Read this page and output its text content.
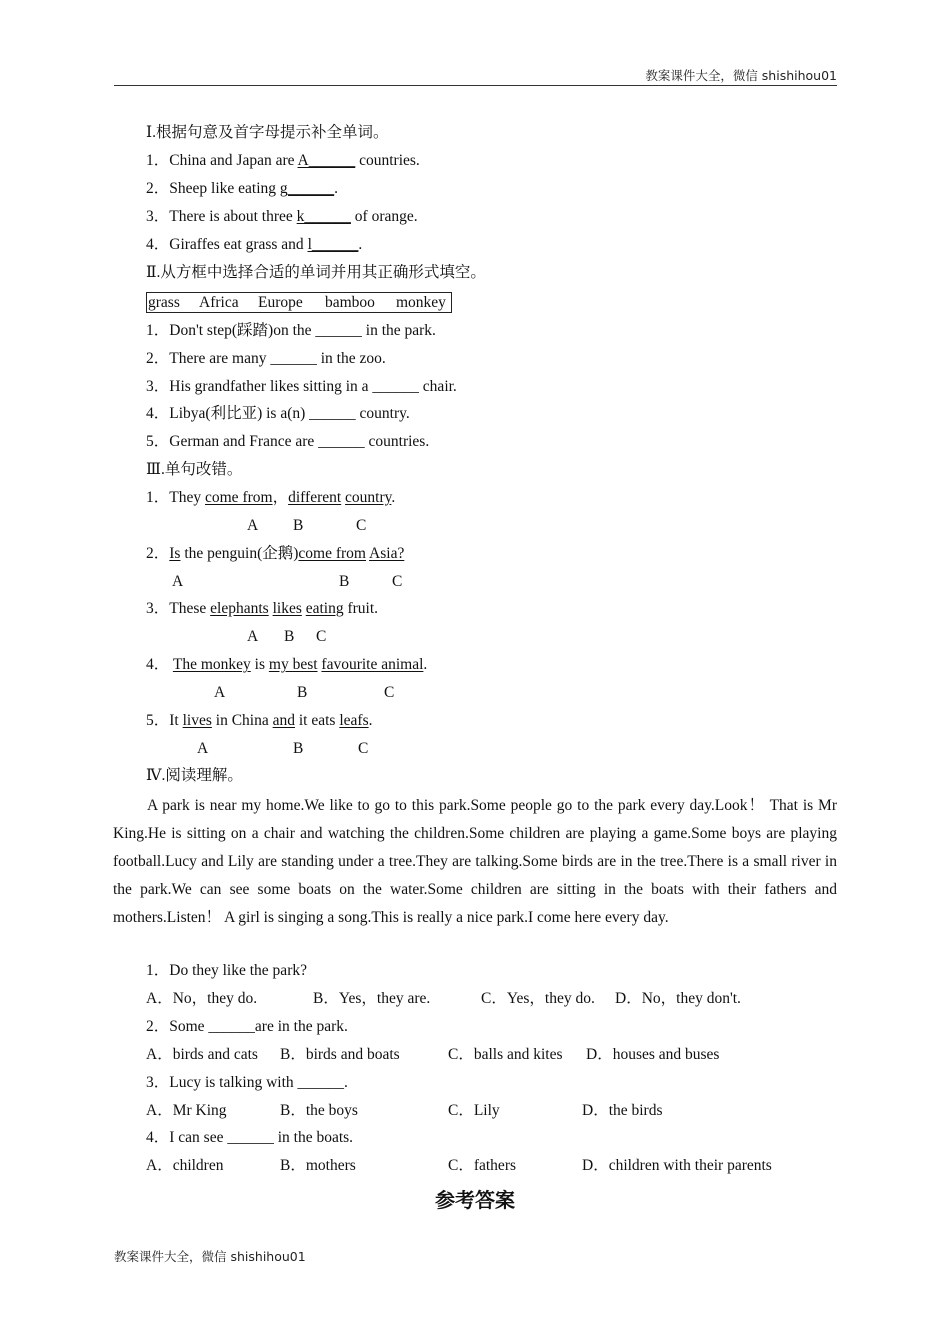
教案课件大全，微信 shishihou01
Ⅰ.根据句意及首字母提示补全单词。
1．China and Japan are A______ countries.
2．Sheep like eating g______.
3．There is about three k______ of orange.
4．Giraffes eat grass and l______.
Ⅱ.从方框中选择合适的单词并用其正确形式填空。
grass Africa Europe bamboo monkey
1．Don't step(踩踏)on the ______ in the park.
2．There are many ______ in the zoo.
3．His grandfather likes sitting in a ______ chair.
4．Libya(利比亚) is a(n) ______ country.
5．German and France are ______ countries.
Ⅲ.单句改错。
1．They come from，different country.
A B	C
2．Is the penguin(企鹅)come from Asia?
A	B	C
3．These elephants likes eating fruit.
A B C
4． The monkey is my best favourite animal.
A	B	C
5．It lives in China and it eats leafs.
A	B	C
Ⅳ.阅读理解。
A park is near my home.We like to go to this park.Some people go to the park every day.Look！ That is Mr King.He is sitting on a chair and watching the children.Some children are playing a game.Some boys are playing football.Lucy and Lily are standing under a tree.They are talking.Some birds are in the tree.There is a small river in the park.We can see some boats on the water.Some children are sitting in the boats with their fathers and mothers.Listen！ A girl is singing a song.This is really a nice park.I come here every day.
1．Do they like the park?
A．No，they do.	B．Yes，they are.	C．Yes，they do. D．No，they don't.
2．Some ______are in the park.
A．birds and cats B．birds and boats	C．balls and kites D．houses and buses
3．Lucy is talking with ______.
A．Mr King	B．the boys	C．Lily	D．the birds
4．I can see ______ in the boats.
A．children	B．mothers	C．fathers	D．children with their parents
参考答案
教案课件大全，微信 shishihou01
